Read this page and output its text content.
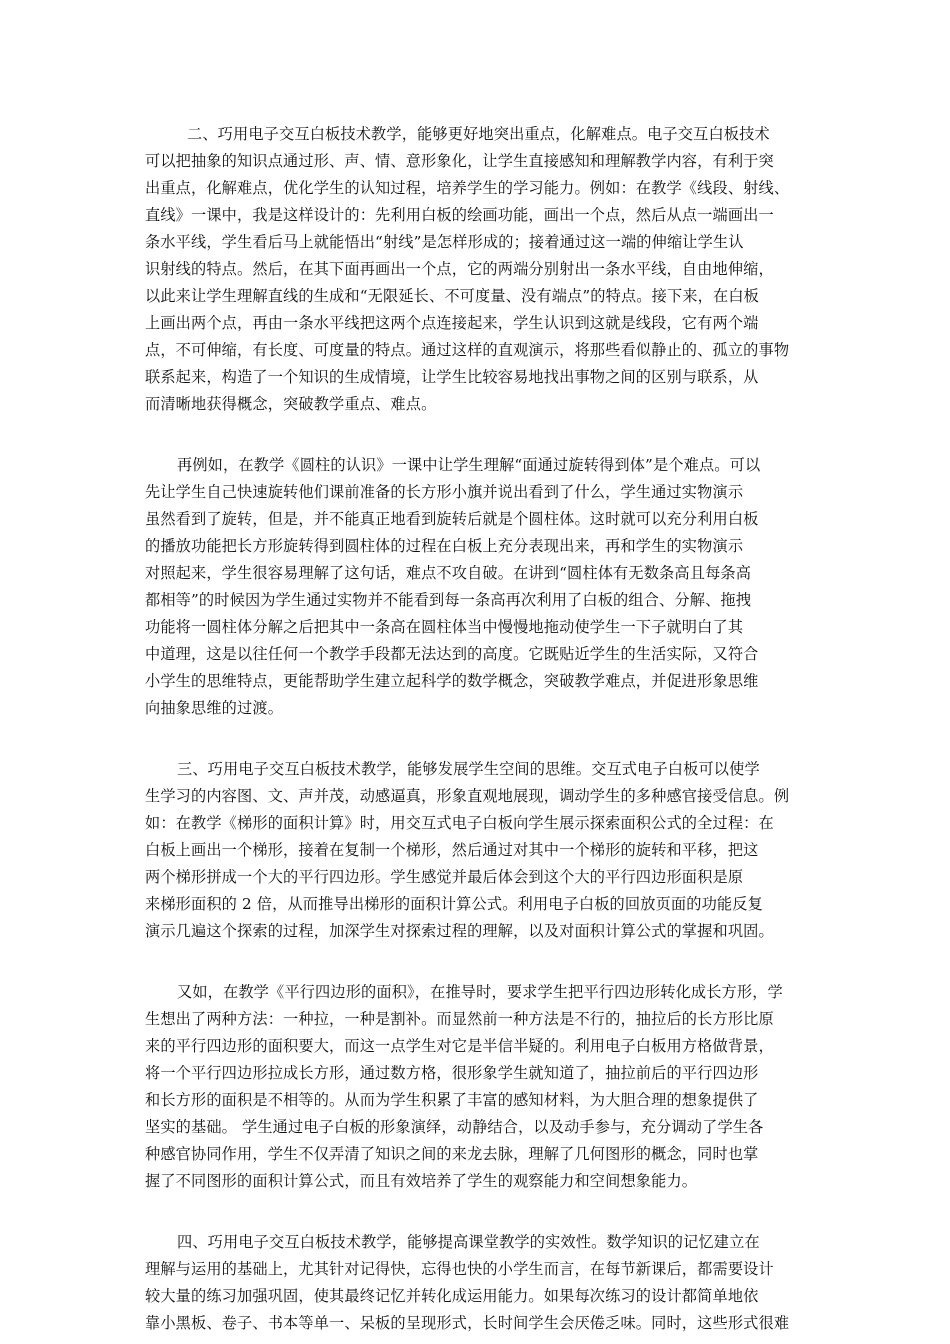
二、巧用电子交互白板技术教学，能够更好地突出重点，化解难点。电子交互白板技术
可以把抽象的知识点通过形、声、情、意形象化，让学生直接感知和理解教学内容，有利于突
出重点，化解难点，优化学生的认知过程，培养学生的学习能力。例如：在教学《线段、射线、
直线》一课中，我是这样设计的：先利用白板的绘画功能，画出一个点，然后从点一端画出一
条水平线，学生看后马上就能悟出“射线”是怎样形成的；接着通过这一端的伸缩让学生认
识射线的特点。然后，在其下面再画出一个点，它的两端分别射出一条水平线，自由地伸缩，
以此来让学生理解直线的生成和“无限延长、不可度量、没有端点”的特点。接下来，在白板
上画出两个点，再由一条水平线把这两个点连接起来，学生认识到这就是线段，它有两个端
点，不可伸缩，有长度、可度量的特点。通过这样的直观演示，将那些看似静止的、孤立的事物
联系起来，构造了一个知识的生成情境，让学生比较容易地找出事物之间的区别与联系，从
而清晰地获得概念，突破教学重点、难点。
再例如，在教学《圆柱的认识》一课中让学生理解“面通过旋转得到体”是个难点。可以
先让学生自己快速旋转他们课前准备的长方形小旗并说出看到了什么，学生通过实物演示
虽然看到了旋转，但是，并不能真正地看到旋转后就是个圆柱体。这时就可以充分利用白板
的播放功能把长方形旋转得到圆柱体的过程在白板上充分表现出来，再和学生的实物演示
对照起来，学生很容易理解了这句话，难点不攻自破。在讲到“圆柱体有无数条高且每条高
都相等”的时候因为学生通过实物并不能看到每一条高再次利用了白板的组合、分解、拖拽
功能将一圆柱体分解之后把其中一条高在圆柱体当中慢慢地拖动使学生一下子就明白了其
中道理，这是以往任何一个教学手段都无法达到的高度。它既贴近学生的生活实际，又符合
小学生的思维特点，更能帮助学生建立起科学的数学概念，突破教学难点，并促进形象思维
向抽象思维的过渡。
三、巧用电子交互白板技术教学，能够发展学生空间的思维。交互式电子白板可以使学
生学习的内容图、文、声并茂，动感逼真，形象直观地展现，调动学生的多种感官接受信息。例
如：在教学《梯形的面积计算》时，用交互式电子白板向学生展示探索面积公式的全过程：在
白板上画出一个梯形，接着在复制一个梯形，然后通过对其中一个梯形的旋转和平移，把这
两个梯形拼成一个大的平行四边形。学生感觉并最后体会到这个大的平行四边形面积是原
来梯形面积的 2 倍，从而推导出梯形的面积计算公式。利用电子白板的回放页面的功能反复
演示几遍这个探索的过程，加深学生对探索过程的理解，以及对面积计算公式的掌握和巩固。
又如，在教学《平行四边形的面积》，在推导时，要求学生把平行四边形转化成长方形，学
生想出了两种方法：一种拉，一种是割补。而显然前一种方法是不行的，抽拉后的长方形比原
来的平行四边形的面积要大，而这一点学生对它是半信半疑的。利用电子白板用方格做背景，
将一个平行四边形拉成长方形，通过数方格，很形象学生就知道了，抽拉前后的平行四边形
和长方形的面积是不相等的。从而为学生积累了丰富的感知材料，为大胆合理的想象提供了
坚实的基础。 学生通过电子白板的形象演绎，动静结合，以及动手参与，充分调动了学生各
种感官协同作用，学生不仅弄清了知识之间的来龙去脉，理解了几何图形的概念，同时也掌
握了不同图形的面积计算公式，而且有效培养了学生的观察能力和空间想象能力。
四、巧用电子交互白板技术教学，能够提高课堂教学的实效性。数学知识的记忆建立在
理解与运用的基础上，尤其针对记得快，忘得也快的小学生而言，在每节新课后，都需要设计
较大量的练习加强巩固，使其最终记忆并转化成运用能力。如果每次练习的设计都简单地依
靠小黑板、卷子、书本等单一、呆板的呈现形式，长时间学生会厌倦乏味。同时，这些形式很难
